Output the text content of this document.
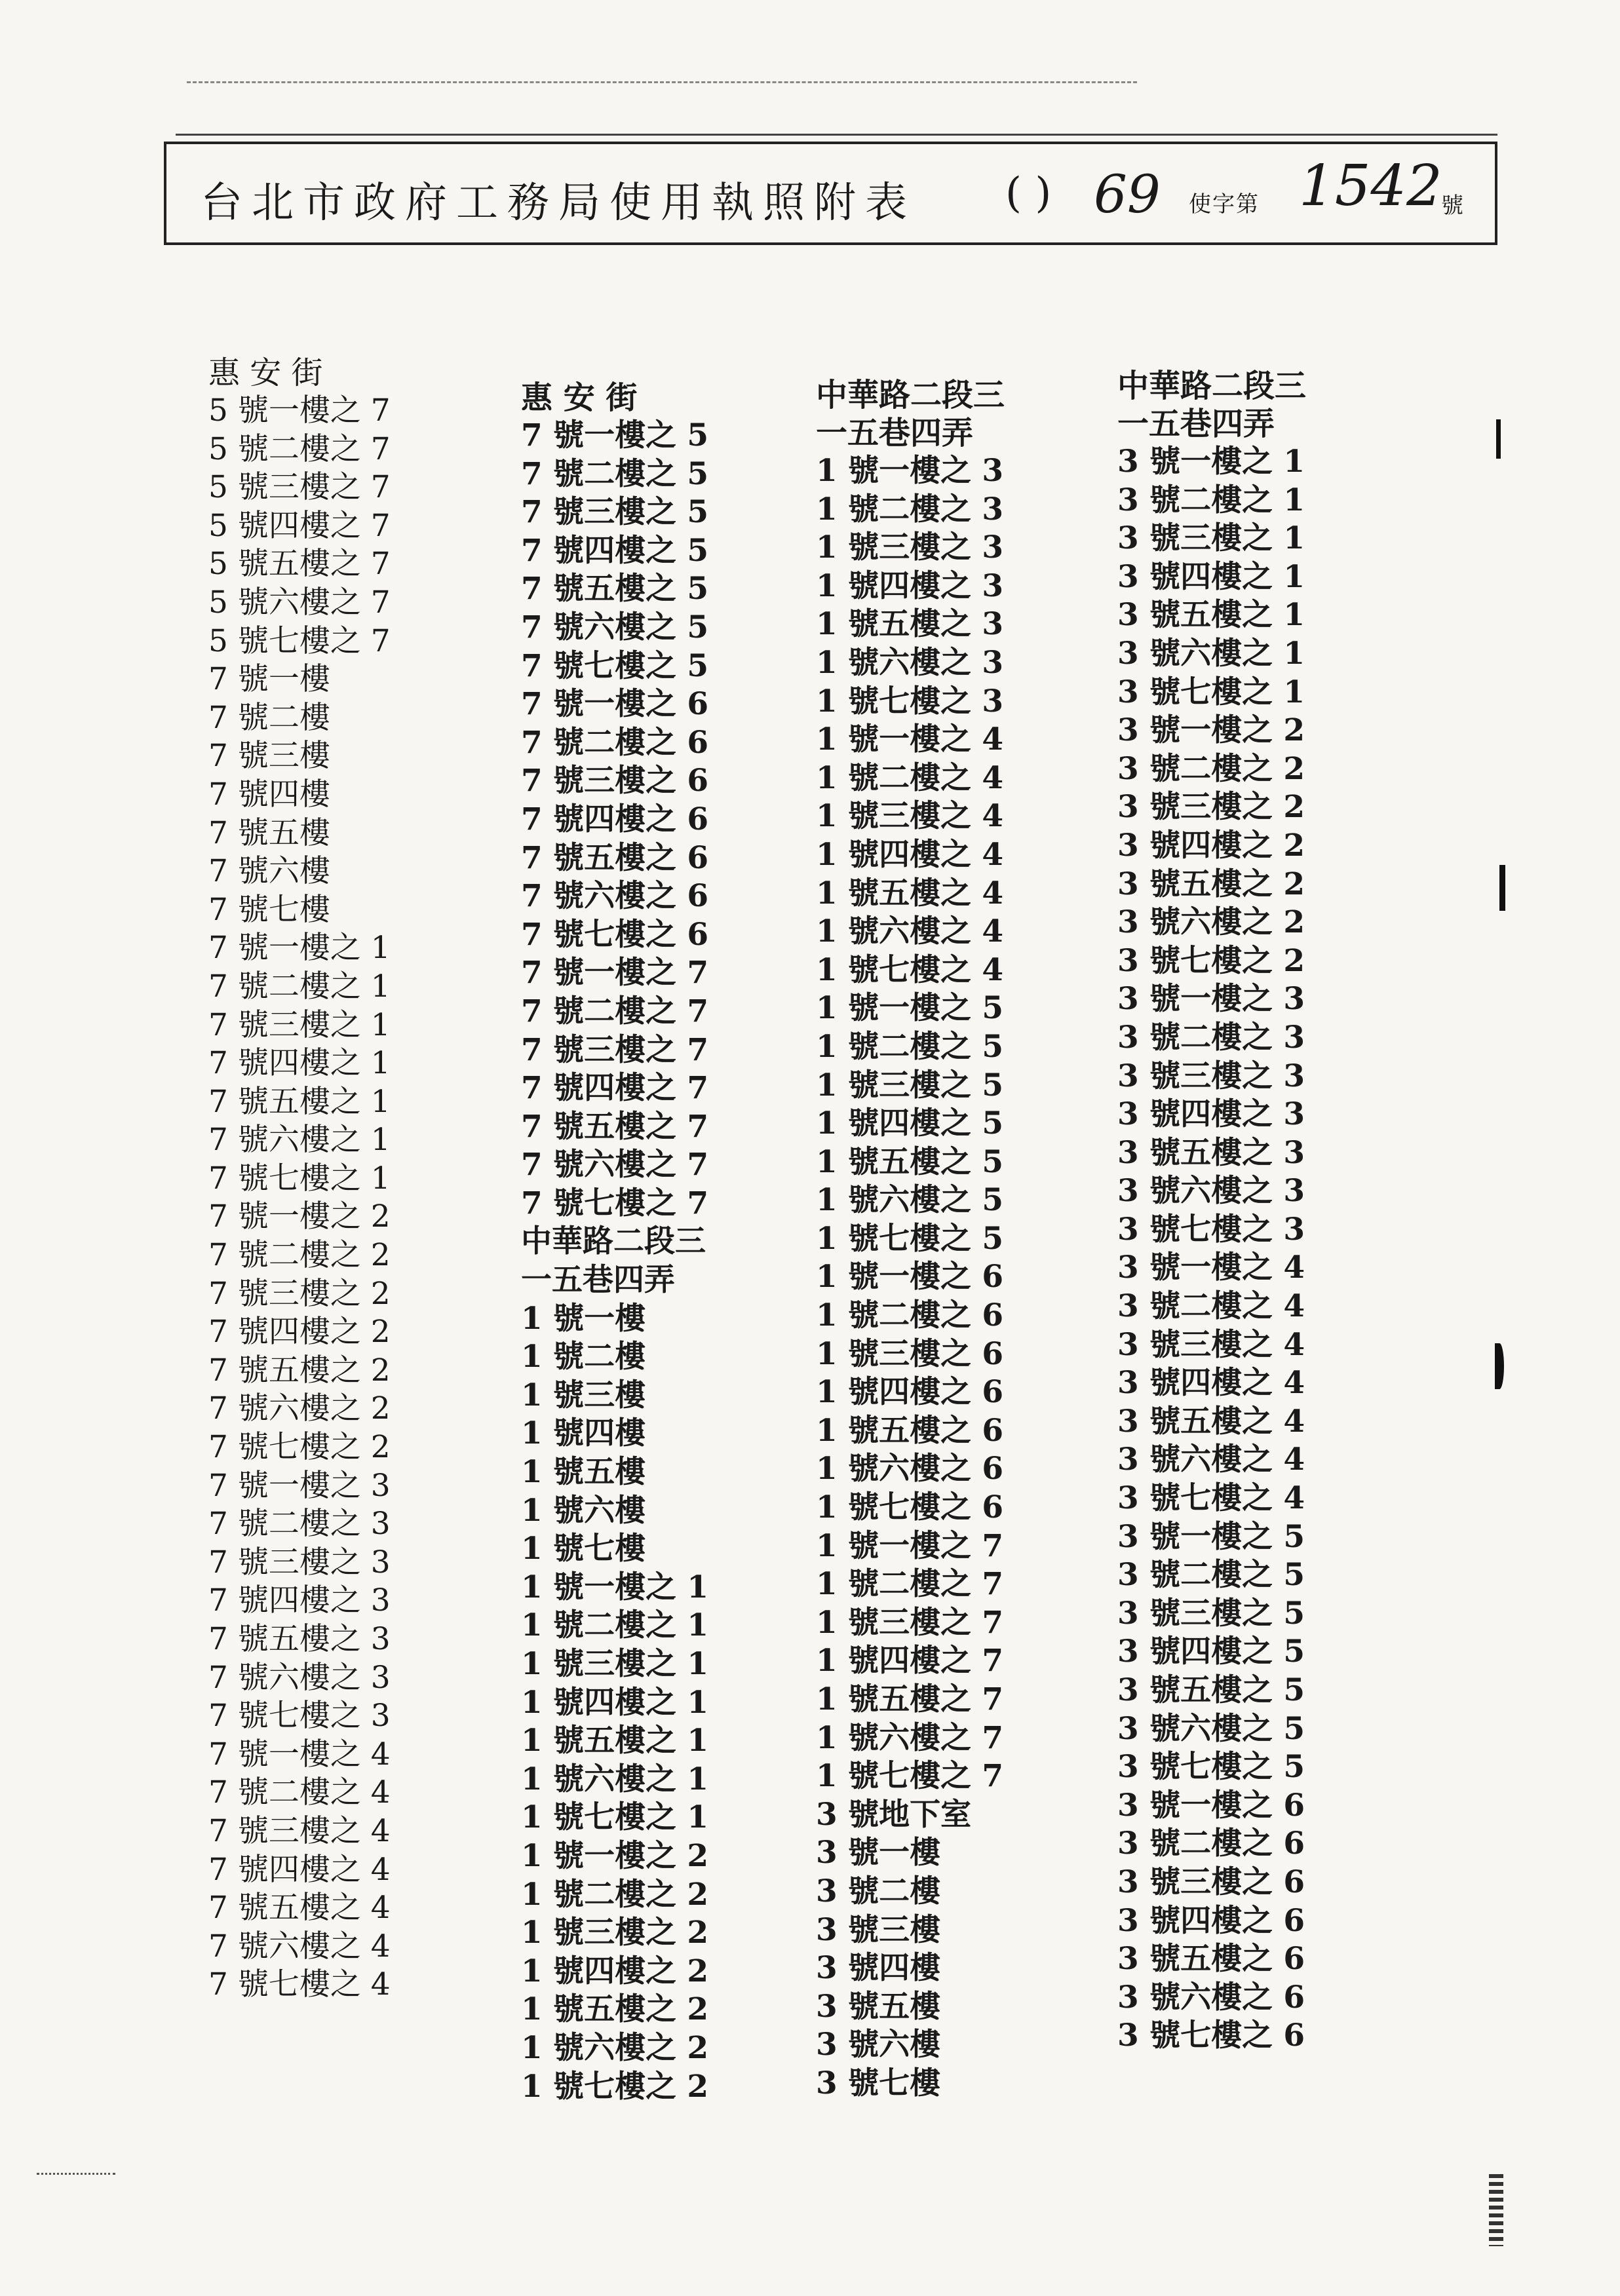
台北市政府工務局使用執照附表 ( ) 69 使字第 1542
號
惠 安 街
5 號一樓之 7
5 號二樓之 7
5 號三樓之 7
5 號四樓之 7
5 號五樓之 7
5 號六樓之 7
5 號七樓之 7
7 號一樓
7 號二樓
7 號三樓
7 號四樓
7 號五樓
7 號六樓
7 號七樓
7 號一樓之 1
7 號二樓之 1
7 號三樓之 1
7 號四樓之 1
7 號五樓之 1
7 號六樓之 1
7 號七樓之 1
7 號一樓之 2
7 號二樓之 2
7 號三樓之 2
7 號四樓之 2
7 號五樓之 2
7 號六樓之 2
7 號七樓之 2
7 號一樓之 3
7 號二樓之 3
7 號三樓之 3
7 號四樓之 3
7 號五樓之 3
7 號六樓之 3
7 號七樓之 3
7 號一樓之 4
7 號二樓之 4
7 號三樓之 4
7 號四樓之 4
7 號五樓之 4
7 號六樓之 4
7 號七樓之 4
惠 安 街
7 號一樓之 5
7 號二樓之 5
7 號三樓之 5
7 號四樓之 5
7 號五樓之 5
7 號六樓之 5
7 號七樓之 5
7 號一樓之 6
7 號二樓之 6
7 號三樓之 6
7 號四樓之 6
7 號五樓之 6
7 號六樓之 6
7 號七樓之 6
7 號一樓之 7
7 號二樓之 7
7 號三樓之 7
7 號四樓之 7
7 號五樓之 7
7 號六樓之 7
7 號七樓之 7
中華路二段三
一五巷四弄
1 號一樓
1 號二樓
1 號三樓
1 號四樓
1 號五樓
1 號六樓
1 號七樓
1 號一樓之 1
1 號二樓之 1
1 號三樓之 1
1 號四樓之 1
1 號五樓之 1
1 號六樓之 1
1 號七樓之 1
1 號一樓之 2
1 號二樓之 2
1 號三樓之 2
1 號四樓之 2
1 號五樓之 2
1 號六樓之 2
1 號七樓之 2
中華路二段三
一五巷四弄
1 號一樓之 3
1 號二樓之 3
1 號三樓之 3
1 號四樓之 3
1 號五樓之 3
1 號六樓之 3
1 號七樓之 3
1 號一樓之 4
1 號二樓之 4
1 號三樓之 4
1 號四樓之 4
1 號五樓之 4
1 號六樓之 4
1 號七樓之 4
1 號一樓之 5
1 號二樓之 5
1 號三樓之 5
1 號四樓之 5
1 號五樓之 5
1 號六樓之 5
1 號七樓之 5
1 號一樓之 6
1 號二樓之 6
1 號三樓之 6
1 號四樓之 6
1 號五樓之 6
1 號六樓之 6
1 號七樓之 6
1 號一樓之 7
1 號二樓之 7
1 號三樓之 7
1 號四樓之 7
1 號五樓之 7
1 號六樓之 7
1 號七樓之 7
3 號地下室
3 號一樓
3 號二樓
3 號三樓
3 號四樓
3 號五樓
3 號六樓
3 號七樓
中華路二段三
一五巷四弄
3 號一樓之 1
3 號二樓之 1
3 號三樓之 1
3 號四樓之 1
3 號五樓之 1
3 號六樓之 1
3 號七樓之 1
3 號一樓之 2
3 號二樓之 2
3 號三樓之 2
3 號四樓之 2
3 號五樓之 2
3 號六樓之 2
3 號七樓之 2
3 號一樓之 3
3 號二樓之 3
3 號三樓之 3
3 號四樓之 3
3 號五樓之 3
3 號六樓之 3
3 號七樓之 3
3 號一樓之 4
3 號二樓之 4
3 號三樓之 4
3 號四樓之 4
3 號五樓之 4
3 號六樓之 4
3 號七樓之 4
3 號一樓之 5
3 號二樓之 5
3 號三樓之 5
3 號四樓之 5
3 號五樓之 5
3 號六樓之 5
3 號七樓之 5
3 號一樓之 6
3 號二樓之 6
3 號三樓之 6
3 號四樓之 6
3 號五樓之 6
3 號六樓之 6
3 號七樓之 6
